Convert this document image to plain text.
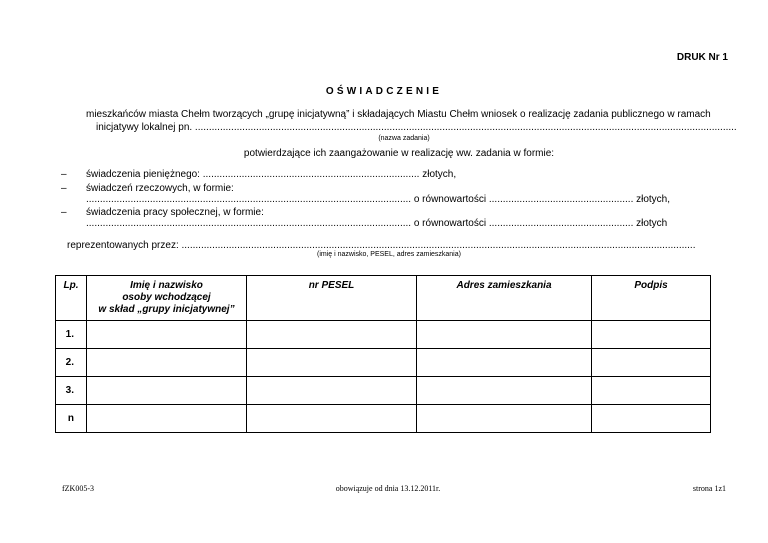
DRUK Nr 1
OŚWIADCZENIE
mieszkańców miasta Chełm tworzących „grupę inicjatywną” i składających Miastu Chełm wniosek o realizację zadania publicznego w ramach
inicjatywy lokalnej pn. ...................................................................................................................................................................................................
(nazwa zadania)
potwierdzające ich zaangażowanie w realizację ww. zadania w formie:
– świadczenia pieniężnego: .............................................................................. złotych,
– świadczeń rzeczowych, w formie:
..................................................................................................................... o równowartości .................................................... złotych,
– świadczenia pracy społecznej, w formie:
..................................................................................................................... o równowartości .................................................... złotych
reprezentowanych przez: .........................................................................................................................................................................................
(imię i nazwisko, PESEL, adres zamieszkania)
Lp.	Imię i nazwisko
osoby wchodzącej
w skład „grupy inicjatywnej”	nr PESEL	Adres zamieszkania	Podpis
1.				
2.				
3.				
n				
fZK005-3	obowiązuje od dnia 13.12.2011r.	strona 1z1
